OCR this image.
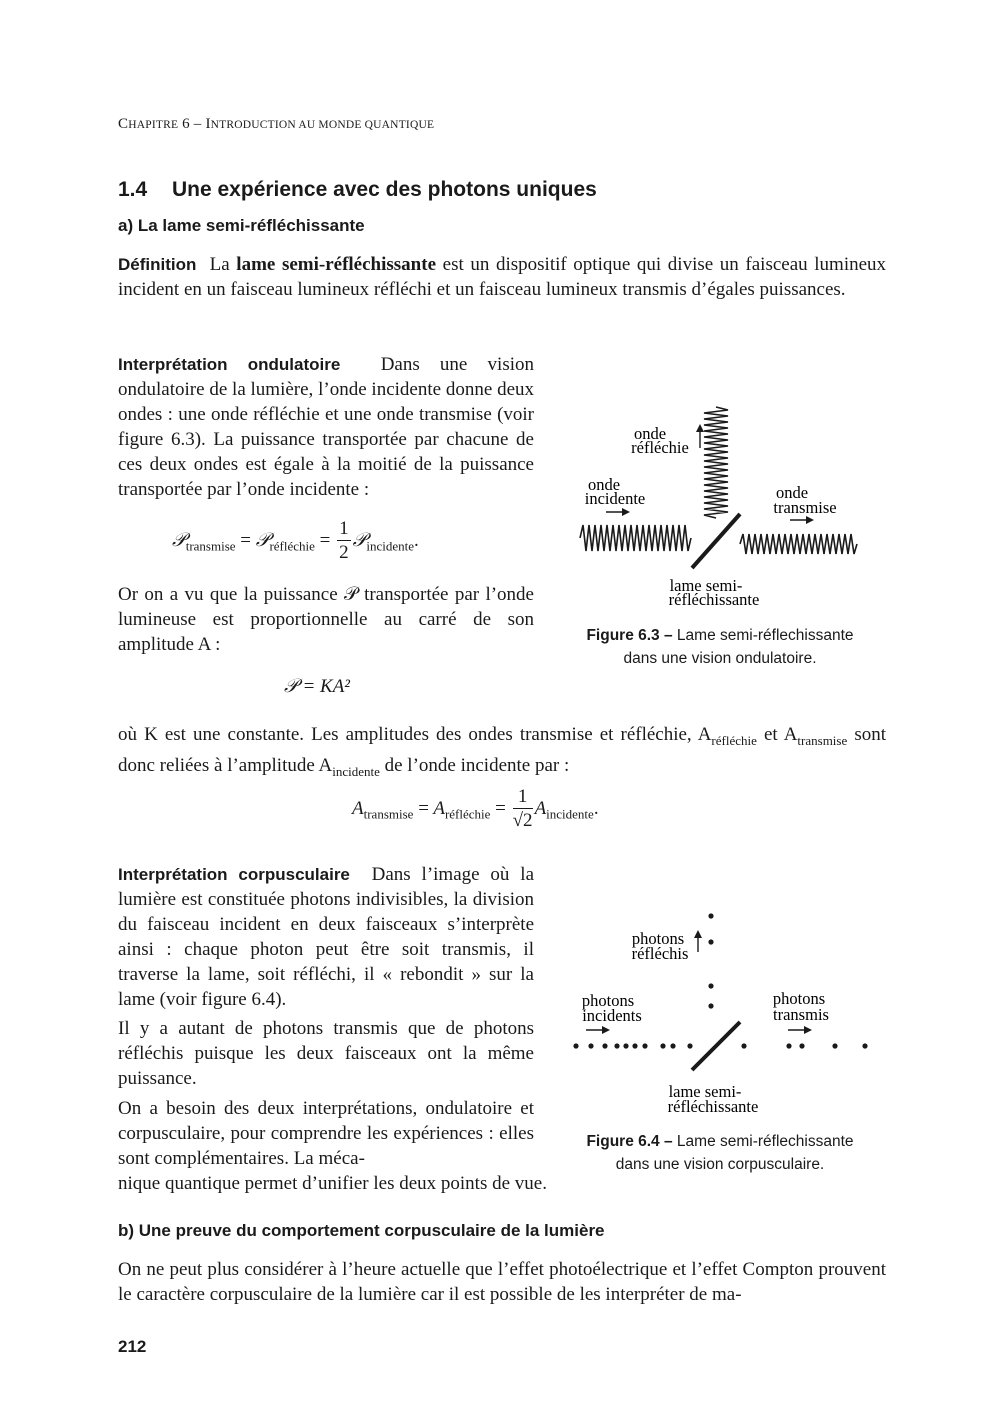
CHAPITRE 6 – INTRODUCTION AU MONDE QUANTIQUE
1.4 Une expérience avec des photons uniques
a) La lame semi-réfléchissante
Définition La lame semi-réfléchissante est un dispositif optique qui divise un faisceau lumineux incident en un faisceau lumineux réfléchi et un faisceau lumineux transmis d’égales puissances.
Interprétation ondulatoire Dans une vision ondulatoire de la lumière, l’onde incidente donne deux ondes : une onde réfléchie et une onde transmise (voir figure 6.3). La puissance transportée par chacune de ces deux ondes est égale à la moitié de la puissance transportée par l’onde incidente :
𝒫$_{transmise}$ = 𝒫$_{réfléchie}$ = $\frac{1}{2}$ 𝒫$_{incidente}$.
Or on a vu que la puissance 𝒫 transportée par l’onde lumineuse est proportionnelle au carré de son amplitude A :
𝒫 = KA²
où K est une constante. Les amplitudes des ondes transmise et réfléchie, $A_{réfléchie}$ et $A_{transmise}$ sont donc reliées à l’amplitude $A_{incidente}$ de l’onde incidente par :
$A_{transmise} = A_{réfléchie} = \frac{1}{√2} A_{incidente}$.
onde
réfléchie
onde
incidente	onde
transmise
lame semi-
réfléchissante
Figure 6.3 – Lame semi-réflechissante
dans une vision ondulatoire.
Interprétation corpusculaire Dans l’image où la lumière est constituée photons indivisibles, la division du faisceau incident en deux faisceaux s’interprète ainsi : chaque photon peut être soit transmis, il traverse la lame, soit réfléchi, il « rebondit » sur la lame (voir figure 6.4).
Il y a autant de photons transmis que de photons réfléchis puisque les deux faisceaux ont la même puissance.
On a besoin des deux interprétations, ondulatoire et corpusculaire, pour comprendre les expériences : elles sont complémentaires. La méca-
nique quantique permet d’unifier les deux points de vue.
photons
réfléchis
photons
incidents
photons
transmis
lame semi-
réfléchissante
Figure 6.4 – Lame semi-réflechissante
dans une vision corpusculaire.
b) Une preuve du comportement corpusculaire de la lumière
On ne peut plus considérer à l’heure actuelle que l’effet photoélectrique et l’effet Compton prouvent le caractère corpusculaire de la lumière car il est possible de les interpréter de ma-
212
